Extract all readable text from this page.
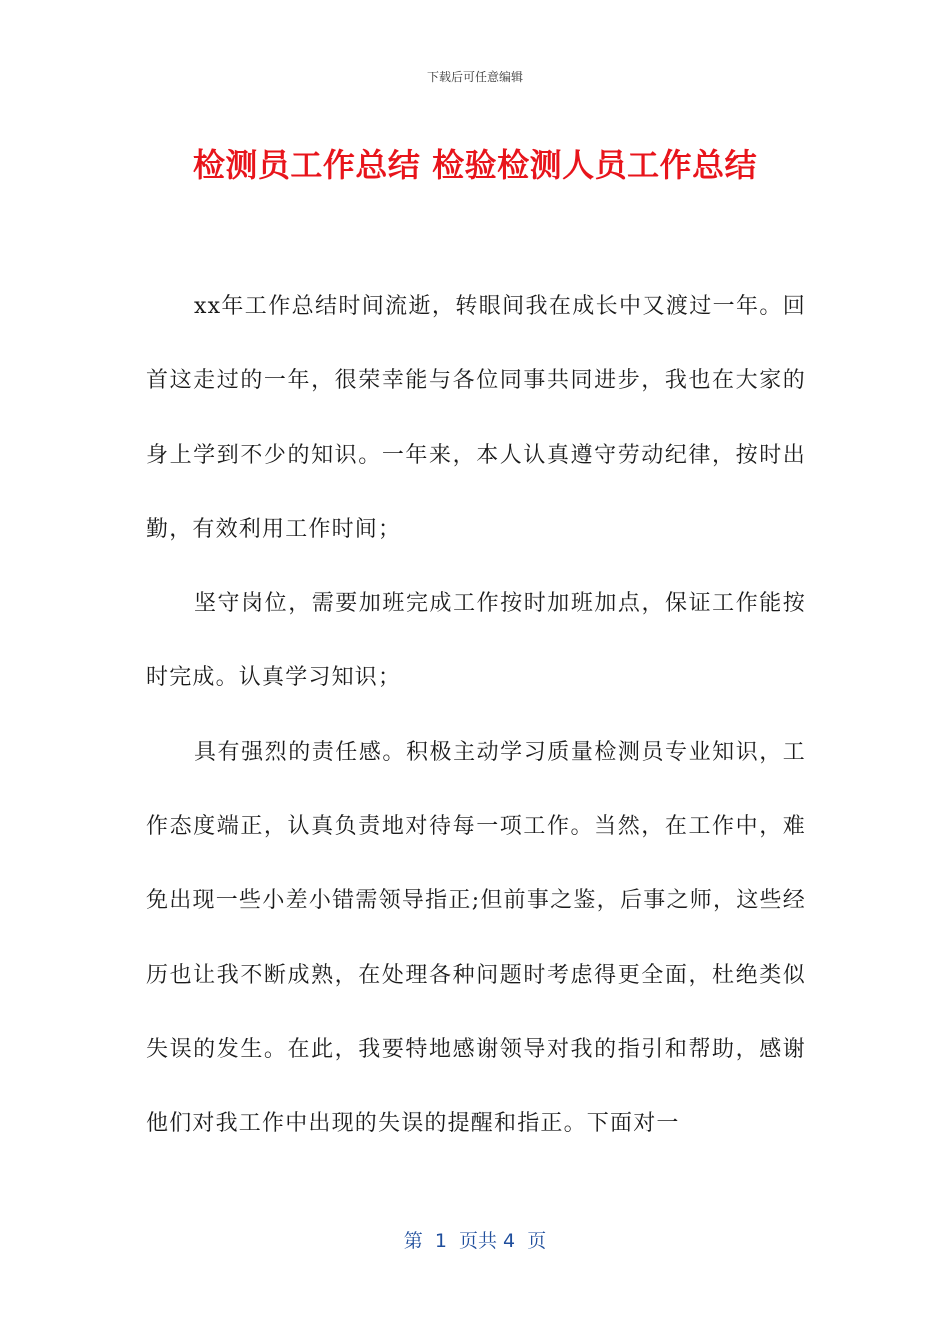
下载后可任意编辑
检测员工作总结 检验检测人员工作总结

xx年工作总结时间流逝，转眼间我在成长中又渡过一年。回首这走过的一年，很荣幸能与各位同事共同进步，我也在大家的身上学到不少的知识。一年来，本人认真遵守劳动纪律，按时出勤，有效利用工作时间；

坚守岗位，需要加班完成工作按时加班加点，保证工作能按时完成。认真学习知识；

具有强烈的责任感。积极主动学习质量检测员专业知识，工作态度端正，认真负责地对待每一项工作。当然，在工作中，难免出现一些小差小错需领导指正;但前事之鉴，后事之师，这些经历也让我不断成熟，在处理各种问题时考虑得更全面，杜绝类似失误的发生。在此，我要特地感谢领导对我的指引和帮助，感谢他们对我工作中出现的失误的提醒和指正。下面对一

第  1  页共 4  页
